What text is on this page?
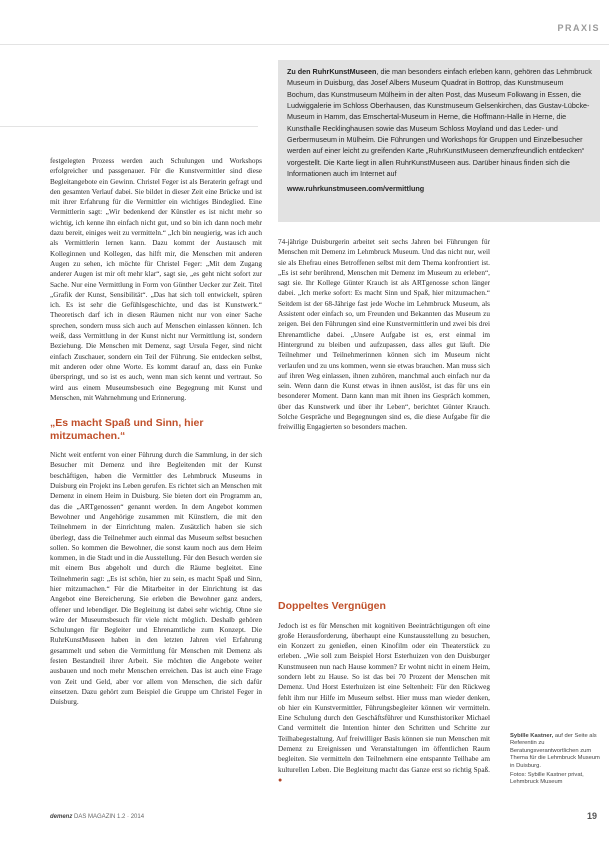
PRAXIS

Zu den RuhrKunstMuseen, die man besonders einfach erleben kann, gehören das Lehmbruck Museum in Duisburg, das Josef Albers Museum Quadrat in Bottrop, das Kunstmuseum Bochum, das Kunstmuseum Mülheim in der alten Post, das Museum Folkwang in Essen, die Ludwiggalerie im Schloss Oberhausen, das Kunstmuseum Gelsenkirchen, das Gustav-Lübcke-Museum in Hamm, das Emschertal-Museum in Herne, die Hoffmann-Halle in Herne, die Kunsthalle Recklinghausen sowie das Museum Schloss Moyland und das Leder- und Gerbermuseum in Mülheim. Die Führungen und Workshops für Gruppen und Einzelbesucher werden auf einer leicht zu greifenden Karte „RuhrKunstMuseen demenzfreundlich entdecken“ vorgestellt. Die Karte liegt in allen RuhrKunstMuseen aus. Darüber hinaus finden sich die Informationen auch im Internet auf

www.ruhrkunstmuseen.com/vermittlung

festgelegten Prozess werden auch Schulungen und Workshops erfolgreicher und passgenauer. Für die Kunstvermittler sind diese Begleitangebote ein Gewinn. Christel Feger ist als Beraterin gefragt und den gesamten Verlauf dabei. Sie bildet in dieser Zeit eine Brücke und ist mit ihrer Erfahrung für die Vermittler ein wichtiges Bindeglied. Eine Vermittlerin sagt: „Wir bedenkend der Künstler es ist nicht mehr so wichtig, ich kenne ihn einfach nicht gut, und so bin ich dann noch mehr dazu bereit, einiges weit zu vermitteln.“ „Ich bin neugierig, was ich auch als Vermittlerin lernen kann. Dazu kommt der Austausch mit Kolleginnen und Kollegen, das hilft mir, die Menschen mit anderen Augen zu sehen, ich möchte für Christel Feger: „Mit dem Zugang anderer Augen ist mir oft mehr klar“, sagt sie, „es geht nicht sofort zur Sache. Nur eine Vermittlung in Form von Günther Uecker zur Zeit. Titel „Grafik der Kunst, Sensibilität“. „Das hat sich toll entwickelt, spüren ich. Es ist sehr die Gefühlsgeschichte, und das ist Kunstwerk.“ Theoretisch darf ich in diesen Räumen nicht nur von einer Sache sprechen, sondern muss sich auch auf Menschen einlassen können. Ich weiß, dass Vermittlung in der Kunst nicht nur Vermittlung ist, sondern Beziehung. Die Menschen mit Demenz, sagt Ursula Feger, sind nicht einfach Zuschauer, sondern ein Teil der Führung. Sie entdecken selbst, mit anderen oder ohne Worte. Es kommt darauf an, dass ein Funke überspringt, und so ist es auch, wenn man sich kennt und vertraut. So wird aus einem Museumsbesuch eine Begegnung mit Kunst und Menschen, mit Wahrnehmung und Erinnerung.

„Es macht Spaß und Sinn, hier mitzumachen.“

Nicht weit entfernt von einer Führung durch die Sammlung, in der sich Besucher mit Demenz und ihre Begleitenden mit der Kunst beschäftigen, haben die Vermittler des Lehmbruck Museums in Duisburg ein Projekt ins Leben gerufen. Es richtet sich an Menschen mit Demenz in einem Heim in Duisburg. Sie bieten dort ein Programm an, das die „ARTgenossen“ genannt werden. In dem Angebot kommen Bewohner und Angehörige zusammen mit Künstlern, die mit den Teilnehmern in der Einrichtung malen. Zusätzlich haben sie sich überlegt, dass die Teilnehmer auch einmal das Museum selbst besuchen sollen. So kommen die Bewohner, die sonst kaum noch aus dem Heim kommen, in die Stadt und in die Ausstellung. Für den Besuch werden sie mit einem Bus abgeholt und durch die Räume begleitet. Eine Teilnehmerin sagt: „Es ist schön, hier zu sein, es macht Spaß und Sinn, hier mitzumachen.“ Für die Mitarbeiter in der Einrichtung ist das Angebot eine Bereicherung. Sie erleben die Bewohner ganz anders, offener und lebendiger. Die Begleitung ist dabei sehr wichtig. Ohne sie wäre der Museumsbesuch für viele nicht möglich. Deshalb gehören Schulungen für Begleiter und Ehrenamtliche zum Konzept. Die RuhrKunstMuseen haben in den letzten Jahren viel Erfahrung gesammelt und sehen die Vermittlung für Menschen mit Demenz als festen Bestandteil ihrer Arbeit. Sie möchten die Angebote weiter ausbauen und noch mehr Menschen erreichen. Das ist auch eine Frage von Zeit und Geld, aber vor allem von Menschen, die sich dafür einsetzen. Dazu gehört zum Beispiel die Gruppe um Christel Feger in Duisburg.

74-jährige Duisburgerin arbeitet seit sechs Jahren bei Führungen für Menschen mit Demenz im Lehmbruck Museum. Und das nicht nur, weil sie als Ehefrau eines Betroffenen selbst mit dem Thema konfrontiert ist. „Es ist sehr berührend, Menschen mit Demenz im Museum zu erleben“, sagt sie. Ihr Kollege Günter Krauch ist als ARTgenosse schon länger dabei. „Ich merke sofort: Es macht Sinn und Spaß, hier mitzumachen.“ Seitdem ist der 68-Jährige fast jede Woche im Lehmbruck Museum, als Assistent oder einfach so, um Freunden und Bekannten das Museum zu zeigen. Bei den Führungen sind eine Kunstvermittlerin und zwei bis drei Ehrenamtliche dabei. „Unsere Aufgabe ist es, erst einmal im Hintergrund zu bleiben und aufzupassen, dass alles gut läuft. Die Teilnehmer und Teilnehmerinnen können sich im Museum nicht verlaufen und zu uns kommen, wenn sie etwas brauchen. Man muss sich auf ihren Weg einlassen, ihnen zuhören, manchmal auch einfach nur da sein. Wenn dann die Kunst etwas in ihnen auslöst, ist das für uns ein besonderer Moment. Dann kann man mit ihnen ins Gespräch kommen, über das Kunstwerk und über ihr Leben“, berichtet Günter Krauch. Solche Gespräche und Begegnungen sind es, die diese Aufgabe für die freiwillig Engagierten so besonders machen.

Doppeltes Vergnügen

Jedoch ist es für Menschen mit kognitiven Beeinträchtigungen oft eine große Herausforderung, überhaupt eine Kunstausstellung zu besuchen, ein Konzert zu genießen, einen Kinofilm oder ein Theaterstück zu erleben. „Wie soll zum Beispiel Horst Esterhuizen von den Duisburger Kunstmuseen nun nach Hause kommen? Er wohnt nicht in einem Heim, sondern lebt zu Hause. So ist das bei 70 Prozent der Menschen mit Demenz. Und Horst Esterhuizen ist eine Seltenheit: Für den Rückweg fehlt ihm nur Hilfe im Museum selbst. Hier muss man wieder denken, ob hier ein Kunstvermittler, Führungsbegleiter können wir vermitteln. Eine Schulung durch den Geschäftsführer und Kunsthistoriker Michael Cand vermittelt die Intention hinter den Schritten und Schritte zur Teilhabegestaltung. Auf freiwilliger Basis können sie nun Menschen mit Demenz zu Ereignissen und Veranstaltungen im öffentlichen Raum begleiten. Sie vermitteln den Teilnehmern eine entspannte Teilhabe am kulturellen Leben. Die Begleitung macht das Ganze erst so richtig Spaß. ●

Sybille Kastner, auf der Seite als Referentin zu Beratungsverantwortlichen zum Thema für die Lehmbruck Museum in Duisburg.

Fotos: Sybille Kastner privat, Lehmbruck Museum

demenz DAS MAGAZIN 1.2 · 2014	19
